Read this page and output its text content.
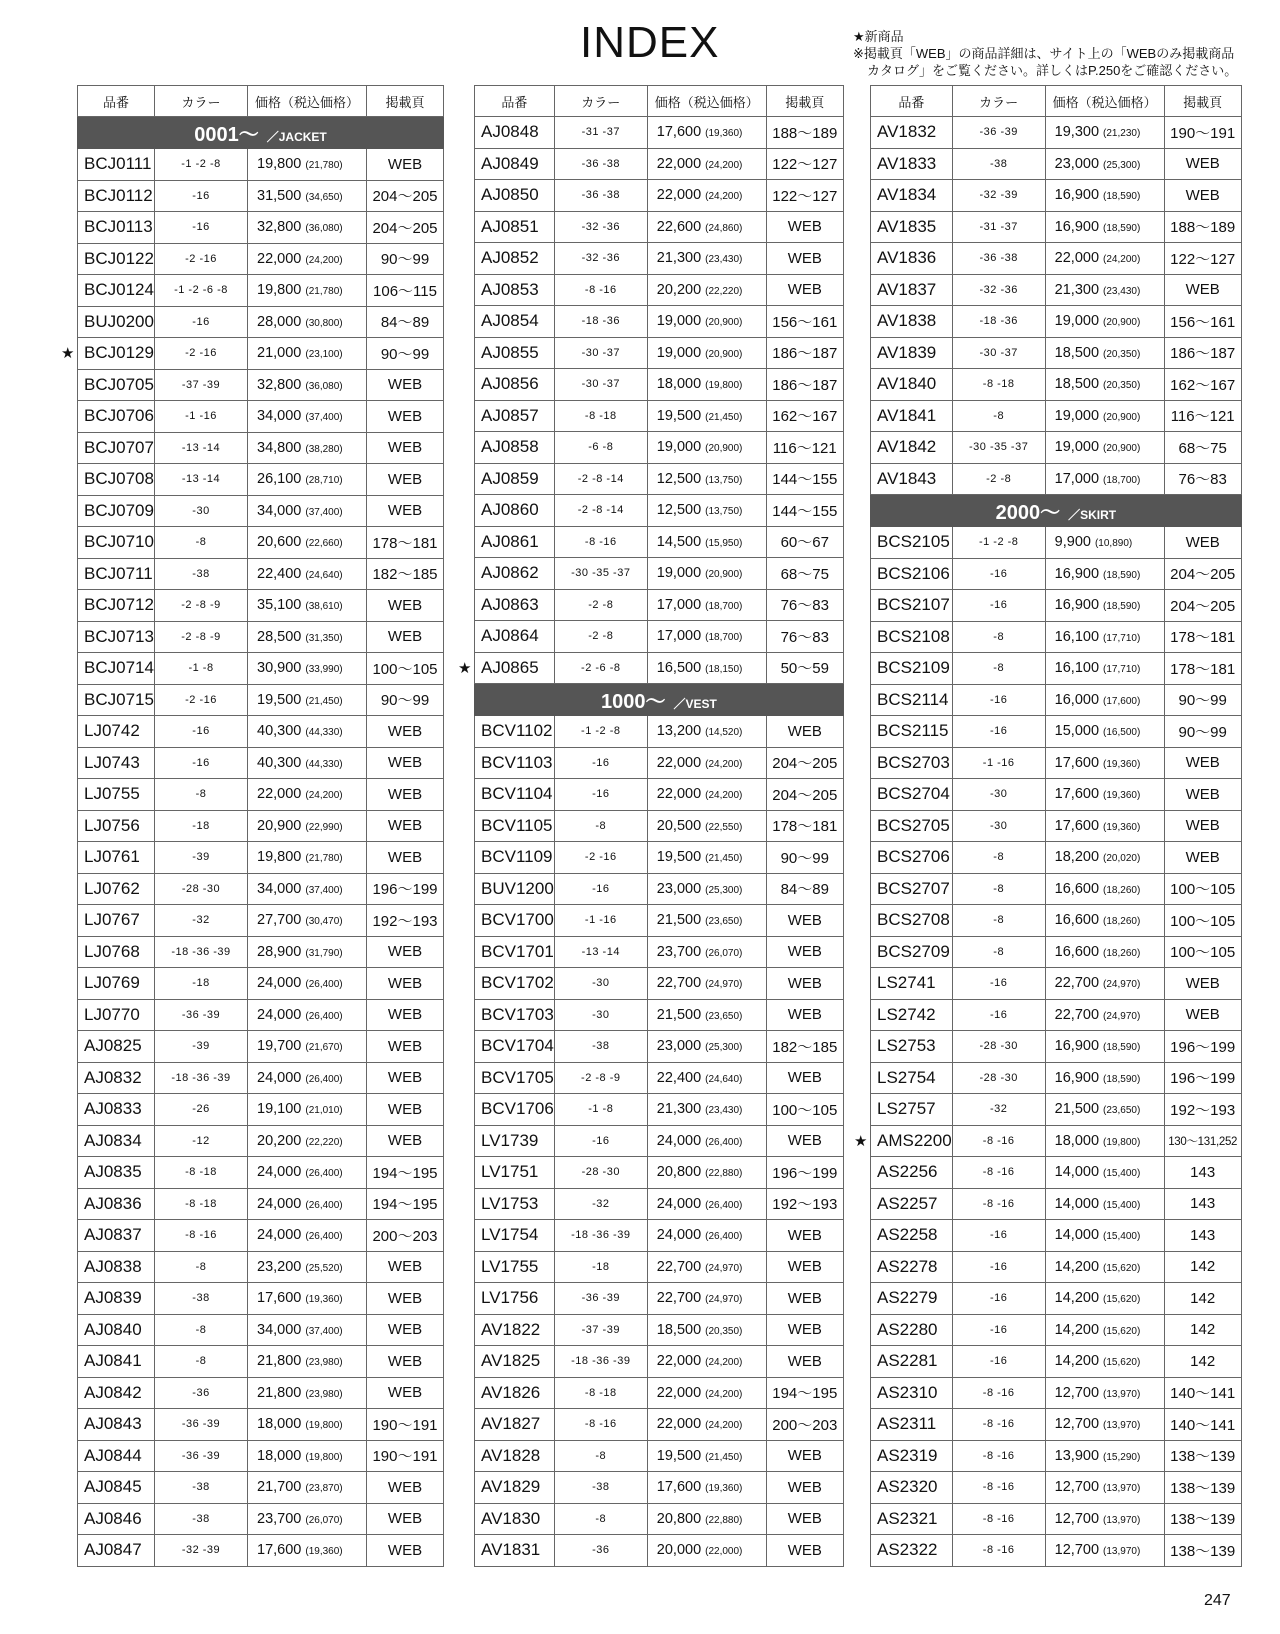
INDEX	★新商品
※掲載頁「WEB」の商品詳細は、サイト上の「WEBのみ掲載商品
カタログ」をご覧ください。詳しくはP.250をご確認ください。
品番	カラー	価格（税込価格）	掲載頁
0001～ ／JACKET			
BCJ0111	-1 -2 -8	19,800 (21,780)	WEB
BCJ0112	-16	31,500 (34,650)	204～205
BCJ0113	-16	32,800 (36,080)	204～205
BCJ0122	-2 -16	22,000 (24,200)	90～99
BCJ0124	-1 -2 -6 -8	19,800 (21,780)	106～115
BUJ0200	-16	28,000 (30,800)	84～89
BCJ0129	-2 -16	21,000 (23,100)	90～99
BCJ0705	-37 -39	32,800 (36,080)	WEB
BCJ0706	-1 -16	34,000 (37,400)	WEB
BCJ0707	-13 -14	34,800 (38,280)	WEB
BCJ0708	-13 -14	26,100 (28,710)	WEB
BCJ0709	-30	34,000 (37,400)	WEB
BCJ0710	-8	20,600 (22,660)	178～181
BCJ0711	-38	22,400 (24,640)	182～185
BCJ0712	-2 -8 -9	35,100 (38,610)	WEB
BCJ0713	-2 -8 -9	28,500 (31,350)	WEB
BCJ0714	-1 -8	30,900 (33,990)	100～105
BCJ0715	-2 -16	19,500 (21,450)	90～99
LJ0742	-16	40,300 (44,330)	WEB
LJ0743	-16	40,300 (44,330)	WEB
LJ0755	-8	22,000 (24,200)	WEB
LJ0756	-18	20,900 (22,990)	WEB
LJ0761	-39	19,800 (21,780)	WEB
LJ0762	-28 -30	34,000 (37,400)	196～199
LJ0767	-32	27,700 (30,470)	192～193
LJ0768	-18 -36 -39	28,900 (31,790)	WEB
LJ0769	-18	24,000 (26,400)	WEB
LJ0770	-36 -39	24,000 (26,400)	WEB
AJ0825	-39	19,700 (21,670)	WEB
AJ0832	-18 -36 -39	24,000 (26,400)	WEB
AJ0833	-26	19,100 (21,010)	WEB
AJ0834	-12	20,200 (22,220)	WEB
AJ0835	-8 -18	24,000 (26,400)	194～195
AJ0836	-8 -18	24,000 (26,400)	194～195
AJ0837	-8 -16	24,000 (26,400)	200～203
AJ0838	-8	23,200 (25,520)	WEB
AJ0839	-38	17,600 (19,360)	WEB
AJ0840	-8	34,000 (37,400)	WEB
AJ0841	-8	21,800 (23,980)	WEB
AJ0842	-36	21,800 (23,980)	WEB
AJ0843	-36 -39	18,000 (19,800)	190～191
AJ0844	-36 -39	18,000 (19,800)	190～191
AJ0845	-38	21,700 (23,870)	WEB
AJ0846	-38	23,700 (26,070)	WEB
AJ0847	-32 -39	17,600 (19,360)	WEB
品番	カラー	価格（税込価格）	掲載頁
AJ0848	-31 -37	17,600 (19,360)	188～189
AJ0849	-36 -38	22,000 (24,200)	122～127
AJ0850	-36 -38	22,000 (24,200)	122～127
AJ0851	-32 -36	22,600 (24,860)	WEB
AJ0852	-32 -36	21,300 (23,430)	WEB
AJ0853	-8 -16	20,200 (22,220)	WEB
AJ0854	-18 -36	19,000 (20,900)	156～161
AJ0855	-30 -37	19,000 (20,900)	186～187
AJ0856	-30 -37	18,000 (19,800)	186～187
AJ0857	-8 -18	19,500 (21,450)	162～167
AJ0858	-6 -8	19,000 (20,900)	116～121
AJ0859	-2 -8 -14	12,500 (13,750)	144～155
AJ0860	-2 -8 -14	12,500 (13,750)	144～155
AJ0861	-8 -16	14,500 (15,950)	60～67
AJ0862	-30 -35 -37	19,000 (20,900)	68～75
AJ0863	-2 -8	17,000 (18,700)	76～83
AJ0864	-2 -8	17,000 (18,700)	76～83
AJ0865	-2 -6 -8	16,500 (18,150)	50～59
1000～ ／VEST			
BCV1102	-1 -2 -8	13,200 (14,520)	WEB
BCV1103	-16	22,000 (24,200)	204～205
BCV1104	-16	22,000 (24,200)	204～205
BCV1105	-8	20,500 (22,550)	178～181
BCV1109	-2 -16	19,500 (21,450)	90～99
BUV1200	-16	23,000 (25,300)	84～89
BCV1700	-1 -16	21,500 (23,650)	WEB
BCV1701	-13 -14	23,700 (26,070)	WEB
BCV1702	-30	22,700 (24,970)	WEB
BCV1703	-30	21,500 (23,650)	WEB
BCV1704	-38	23,000 (25,300)	182～185
BCV1705	-2 -8 -9	22,400 (24,640)	WEB
BCV1706	-1 -8	21,300 (23,430)	100～105
LV1739	-16	24,000 (26,400)	WEB
LV1751	-28 -30	20,800 (22,880)	196～199
LV1753	-32	24,000 (26,400)	192～193
LV1754	-18 -36 -39	24,000 (26,400)	WEB
LV1755	-18	22,700 (24,970)	WEB
LV1756	-36 -39	22,700 (24,970)	WEB
AV1822	-37 -39	18,500 (20,350)	WEB
AV1825	-18 -36 -39	22,000 (24,200)	WEB
AV1826	-8 -18	22,000 (24,200)	194～195
AV1827	-8 -16	22,000 (24,200)	200～203
AV1828	-8	19,500 (21,450)	WEB
AV1829	-38	17,600 (19,360)	WEB
AV1830	-8	20,800 (22,880)	WEB
AV1831	-36	20,000 (22,000)	WEB
品番	カラー	価格（税込価格）	掲載頁
AV1832	-36 -39	19,300 (21,230)	190～191
AV1833	-38	23,000 (25,300)	WEB
AV1834	-32 -39	16,900 (18,590)	WEB
AV1835	-31 -37	16,900 (18,590)	188～189
AV1836	-36 -38	22,000 (24,200)	122～127
AV1837	-32 -36	21,300 (23,430)	WEB
AV1838	-18 -36	19,000 (20,900)	156～161
AV1839	-30 -37	18,500 (20,350)	186～187
AV1840	-8 -18	18,500 (20,350)	162～167
AV1841	-8	19,000 (20,900)	116～121
AV1842	-30 -35 -37	19,000 (20,900)	68～75
AV1843	-2 -8	17,000 (18,700)	76～83
2000～ ／SKIRT			
BCS2105	-1 -2 -8	9,900 (10,890)	WEB
BCS2106	-16	16,900 (18,590)	204～205
BCS2107	-16	16,900 (18,590)	204～205
BCS2108	-8	16,100 (17,710)	178～181
BCS2109	-8	16,100 (17,710)	178～181
BCS2114	-16	16,000 (17,600)	90～99
BCS2115	-16	15,000 (16,500)	90～99
BCS2703	-1 -16	17,600 (19,360)	WEB
BCS2704	-30	17,600 (19,360)	WEB
BCS2705	-30	17,600 (19,360)	WEB
BCS2706	-8	18,200 (20,020)	WEB
BCS2707	-8	16,600 (18,260)	100～105
BCS2708	-8	16,600 (18,260)	100～105
BCS2709	-8	16,600 (18,260)	100～105
LS2741	-16	22,700 (24,970)	WEB
LS2742	-16	22,700 (24,970)	WEB
LS2753	-28 -30	16,900 (18,590)	196～199
LS2754	-28 -30	16,900 (18,590)	196～199
LS2757	-32	21,500 (23,650)	192～193
AMS2200	-8 -16	18,000 (19,800)	130～131,252
AS2256	-8 -16	14,000 (15,400)	143
AS2257	-8 -16	14,000 (15,400)	143
AS2258	-16	14,000 (15,400)	143
AS2278	-16	14,200 (15,620)	142
AS2279	-16	14,200 (15,620)	142
AS2280	-16	14,200 (15,620)	142
AS2281	-16	14,200 (15,620)	142
AS2310	-8 -16	12,700 (13,970)	140～141
AS2311	-8 -16	12,700 (13,970)	140～141
AS2319	-8 -16	13,900 (15,290)	138～139
AS2320	-8 -16	12,700 (13,970)	138～139
AS2321	-8 -16	12,700 (13,970)	138～139
AS2322	-8 -16	12,700 (13,970)	138～139
247
★
★
★
